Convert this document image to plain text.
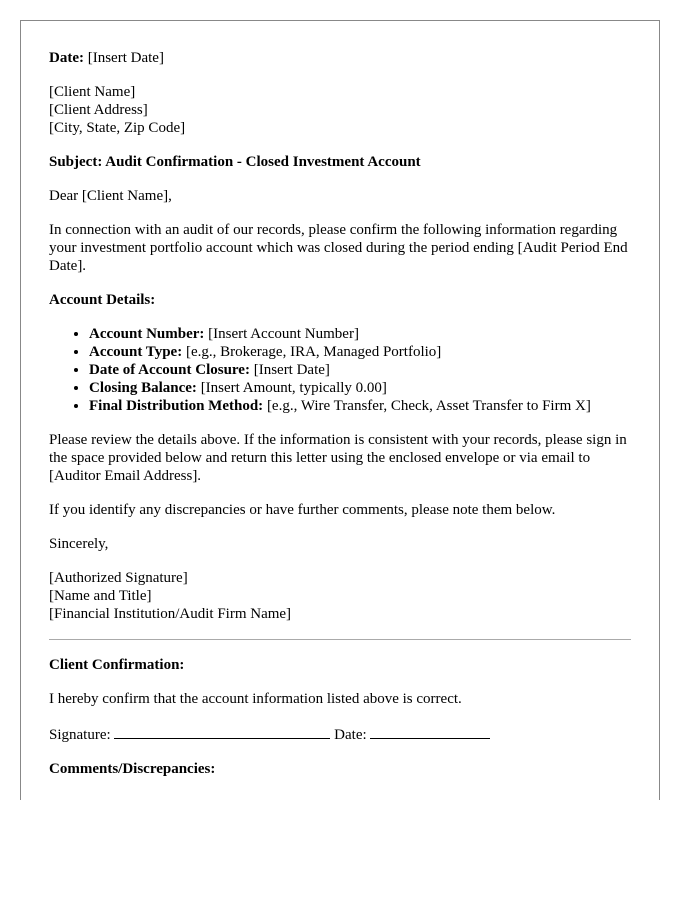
Date: [Insert Date]

[Client Name]
[Client Address]
[City, State, Zip Code]

Subject: Audit Confirmation - Closed Investment Account

Dear [Client Name],

In connection with an audit of our records, please confirm the following information regarding your investment portfolio account which was closed during the period ending [Audit Period End Date].

Account Details:

• Account Number: [Insert Account Number]
• Account Type: [e.g., Brokerage, IRA, Managed Portfolio]
• Date of Account Closure: [Insert Date]
• Closing Balance: [Insert Amount, typically 0.00]
• Final Distribution Method: [e.g., Wire Transfer, Check, Asset Transfer to Firm X]

Please review the details above. If the information is consistent with your records, please sign in the space provided below and return this letter using the enclosed envelope or via email to [Auditor Email Address].

If you identify any discrepancies or have further comments, please note them below.

Sincerely,

[Authorized Signature]
[Name and Title]
[Financial Institution/Audit Firm Name]

Client Confirmation:

I hereby confirm that the account information listed above is correct.

Signature:	Date:

Comments/Discrepancies:
